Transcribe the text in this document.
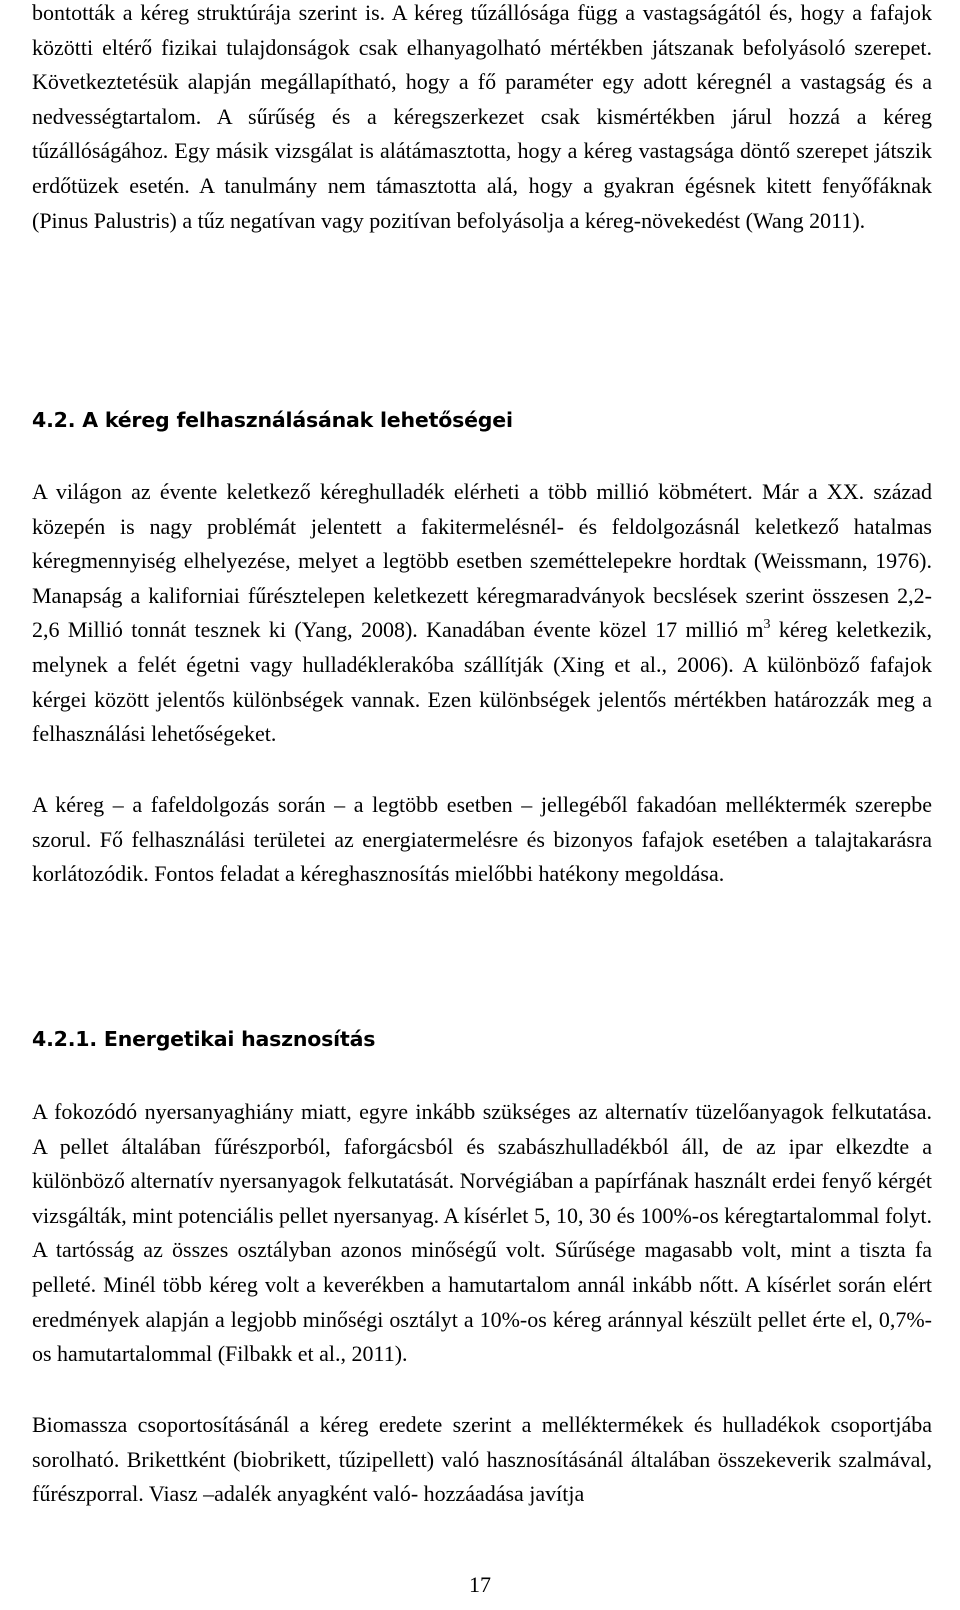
bontották a kéreg struktúrája szerint is. A kéreg tűzállósága függ a vastagságától és, hogy a fafajok közötti eltérő fizikai tulajdonságok csak elhanyagolható mértékben játszanak befolyásoló szerepet. Következtetésük alapján megállapítható, hogy a fő paraméter egy adott kéregnél a vastagság és a nedvességtartalom. A sűrűség és a kéregszerkezet csak kismértékben járul hozzá a kéreg tűzállóságához. Egy másik vizsgálat is alátámasztotta, hogy a kéreg vastagsága döntő szerepet játszik erdőtüzek esetén. A tanulmány nem támasztotta alá, hogy a gyakran égésnek kitett fenyőfáknak (Pinus Palustris) a tűz negatívan vagy pozitívan befolyásolja a kéreg-növekedést (Wang 2011).

4.2. A kéreg felhasználásának lehetőségei

A világon az évente keletkező kéreghulladék elérheti a több millió köbmétert. Már a XX. század közepén is nagy problémát jelentett a fakitermelésnél- és feldolgozásnál keletkező hatalmas kéregmennyiség elhelyezése, melyet a legtöbb esetben szeméttelepekre hordtak (Weissmann, 1976). Manapság a kaliforniai fűrésztelepen keletkezett kéregmaradványok becslések szerint összesen 2,2-2,6 Millió tonnát tesznek ki (Yang, 2008). Kanadában évente közel 17 millió $m^3$ kéreg keletkezik, melynek a felét égetni vagy hulladéklerakóba szállítják (Xing et al., 2006). A különböző fafajok kérgei között jelentős különbségek vannak. Ezen különbségek jelentős mértékben határozzák meg a felhasználási lehetőségeket.

A kéreg – a fafeldolgozás során – a legtöbb esetben – jellegéből fakadóan melléktermék szerepbe szorul. Fő felhasználási területei az energiatermelésre és bizonyos fafajok esetében a talajtakarásra korlátozódik. Fontos feladat a kéreghasznosítás mielőbbi hatékony megoldása.

4.2.1. Energetikai hasznosítás

A fokozódó nyersanyaghiány miatt, egyre inkább szükséges az alternatív tüzelőanyagok felkutatása. A pellet általában fűrészporból, faforgácsból és szabászhulladékból áll, de az ipar elkezdte a különböző alternatív nyersanyagok felkutatását. Norvégiában a papírfának használt erdei fenyő kérgét vizsgálták, mint potenciális pellet nyersanyag. A kísérlet 5, 10, 30 és 100%-os kéregtartalommal folyt. A tartósság az összes osztályban azonos minőségű volt. Sűrűsége magasabb volt, mint a tiszta fa pelleté. Minél több kéreg volt a keverékben a hamutartalom annál inkább nőtt. A kísérlet során elért eredmények alapján a legjobb minőségi osztályt a 10%-os kéreg aránnyal készült pellet érte el, 0,7%-os hamutartalommal (Filbakk et al., 2011).

Biomassza csoportosításánál a kéreg eredete szerint a melléktermékek és hulladékok csoportjába sorolható. Brikettként (biobrikett, tűzipellett) való hasznosításánál általában összekeverik szalmával, fűrészporral. Viasz –adalék anyagként való- hozzáadása javítja

17
